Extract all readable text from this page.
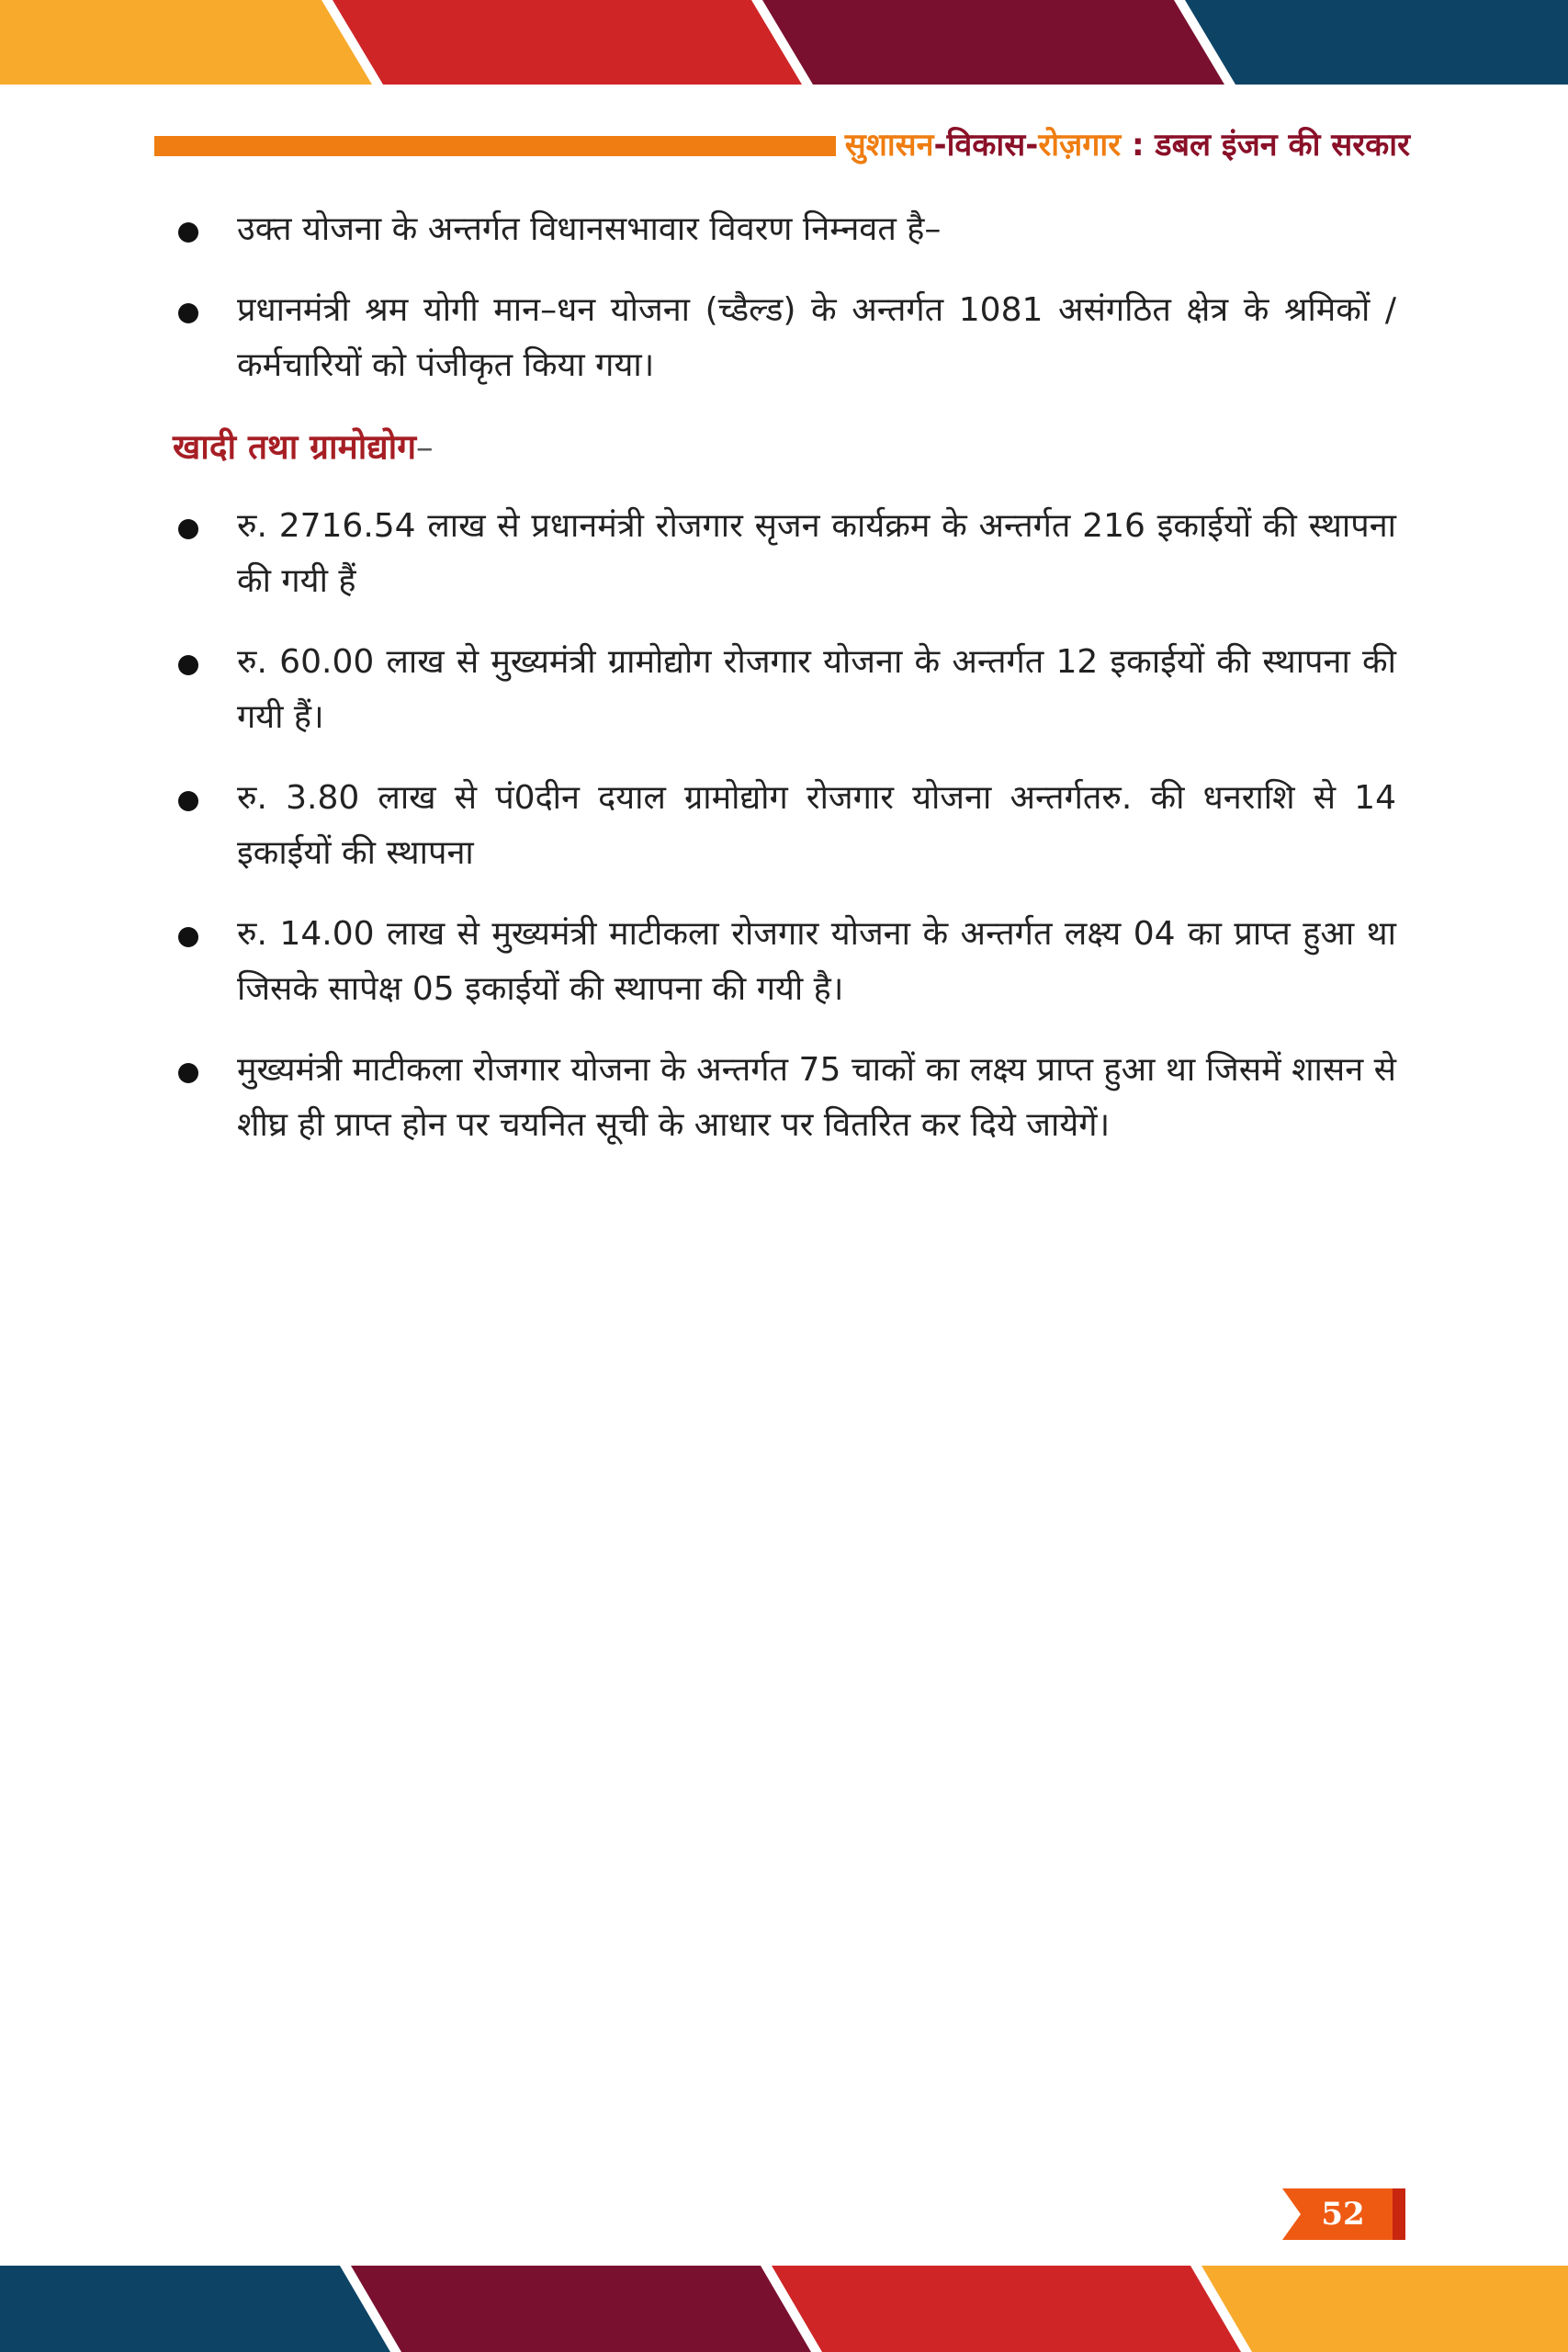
सुशासन-विकास-रोज़गार : डबल इंजन की सरकार
उक्त योजना के अन्तर्गत विधानसभावार विवरण निम्नवत है–
प्रधानमंत्री श्रम योगी मान–धन योजना (च्डैल्ड) के अन्तर्गत 1081 असंगठित क्षेत्र के श्रमिकों / कर्मचारियों को पंजीकृत किया गया।
खादी तथा ग्रामोद्योग–
रु. 2716.54 लाख से प्रधानमंत्री रोजगार सृजन कार्यक्रम के अन्तर्गत 216 इकाईयों की स्थापना की गयी हैं
रु. 60.00 लाख से मुख्यमंत्री ग्रामोद्योग रोजगार योजना के अन्तर्गत 12 इकाईयों की स्थापना की गयी हैं।
रु. 3.80 लाख से पं0दीन दयाल ग्रामोद्योग रोजगार योजना अन्तर्गतरु. की धनराशि से 14 इकाईयों की स्थापना
रु. 14.00 लाख से मुख्यमंत्री माटीकला रोजगार योजना के अन्तर्गत लक्ष्य 04 का प्राप्त हुआ था जिसके सापेक्ष 05 इकाईयों की स्थापना की गयी है।
मुख्यमंत्री माटीकला रोजगार योजना के अन्तर्गत 75 चाकों का लक्ष्य प्राप्त हुआ था जिसमें शासन से शीघ्र ही प्राप्त होन पर चयनित सूची के आधार पर वितरित कर दिये जायेगें।
52
